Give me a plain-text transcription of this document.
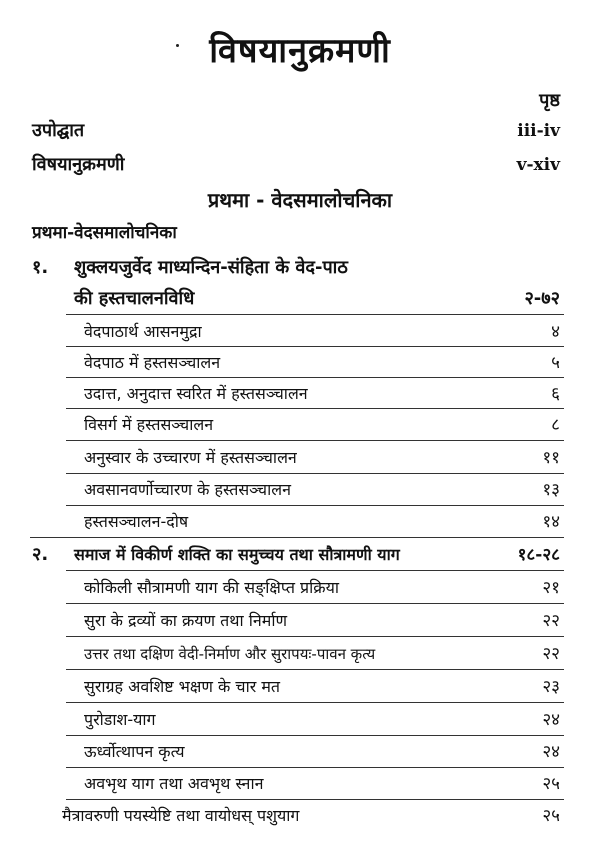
विषयानुक्रमणी
पृष्ठ
उपोद्घात	iii-iv
विषयानुक्रमणी	v-xiv
प्रथमा - वेदसमालोचनिका
प्रथमा-वेदसमालोचनिका
१. शुक्लयजुर्वेद माध्यन्दिन-संहिता के वेद-पाठ
की हस्तचालनविधि	२-७२
वेदपाठार्थ आसनमुद्रा	४
वेदपाठ में हस्तसञ्चालन	५
उदात्त, अनुदात्त स्वरित में हस्तसञ्चालन	६
विसर्ग में हस्तसञ्चालन	८
अनुस्वार के उच्चारण में हस्तसञ्चालन	११
अवसानवर्णोच्चारण के हस्तसञ्चालन	१३
हस्तसञ्चालन-दोष	१४
२. समाज में विकीर्ण शक्ति का समुच्चय तथा सौत्रामणी याग	१८-२८
कोकिली सौत्रामणी याग की सङ्क्षिप्त प्रक्रिया	२१
सुरा के द्रव्यों का क्रयण तथा निर्माण	२२
उत्तर तथा दक्षिण वेदी-निर्माण और सुरापयः-पावन कृत्य	२२
सुराग्रह अवशिष्ट भक्षण के चार मत	२३
पुरोडाश-याग	२४
ऊर्ध्वोत्थापन कृत्य	२४
अवभृथ याग तथा अवभृथ स्नान	२५
मैत्रावरुणी पयस्येष्टि तथा वायोधस् पशुयाग	२५
